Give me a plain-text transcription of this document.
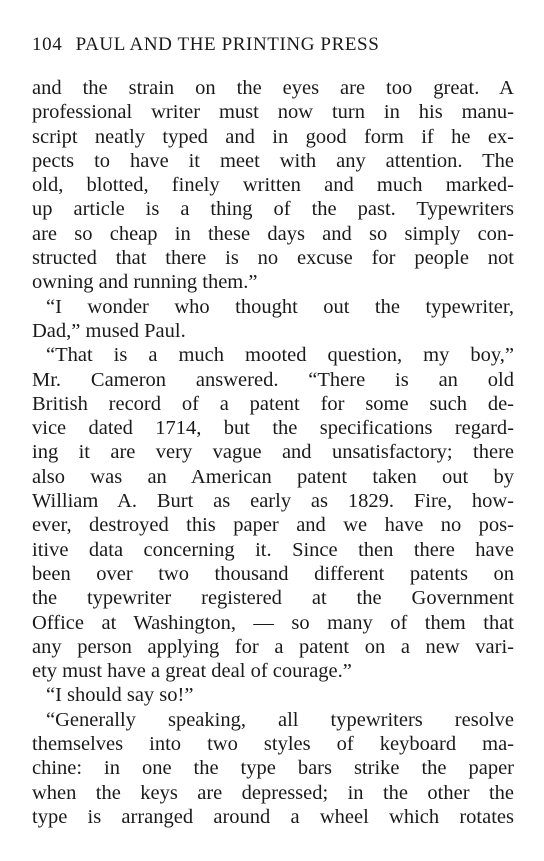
104 PAUL AND THE PRINTING PRESS
and the strain on the eyes are too great. A
professional writer must now turn in his manu-
script neatly typed and in good form if he ex-
pects to have it meet with any attention. The
old, blotted, finely written and much marked-
up article is a thing of the past. Typewriters
are so cheap in these days and so simply con-
structed that there is no excuse for people not
owning and running them.”
“I wonder who thought out the typewriter,
Dad,” mused Paul.
“That is a much mooted question, my boy,”
Mr. Cameron answered. “There is an old
British record of a patent for some such de-
vice dated 1714, but the specifications regard-
ing it are very vague and unsatisfactory; there
also was an American patent taken out by
William A. Burt as early as 1829. Fire, how-
ever, destroyed this paper and we have no pos-
itive data concerning it. Since then there have
been over two thousand different patents on
the typewriter registered at the Government
Office at Washington, — so many of them that
any person applying for a patent on a new vari-
ety must have a great deal of courage.”
“I should say so!”
“Generally speaking, all typewriters resolve
themselves into two styles of keyboard ma-
chine: in one the type bars strike the paper
when the keys are depressed; in the other the
type is arranged around a wheel which rotates
